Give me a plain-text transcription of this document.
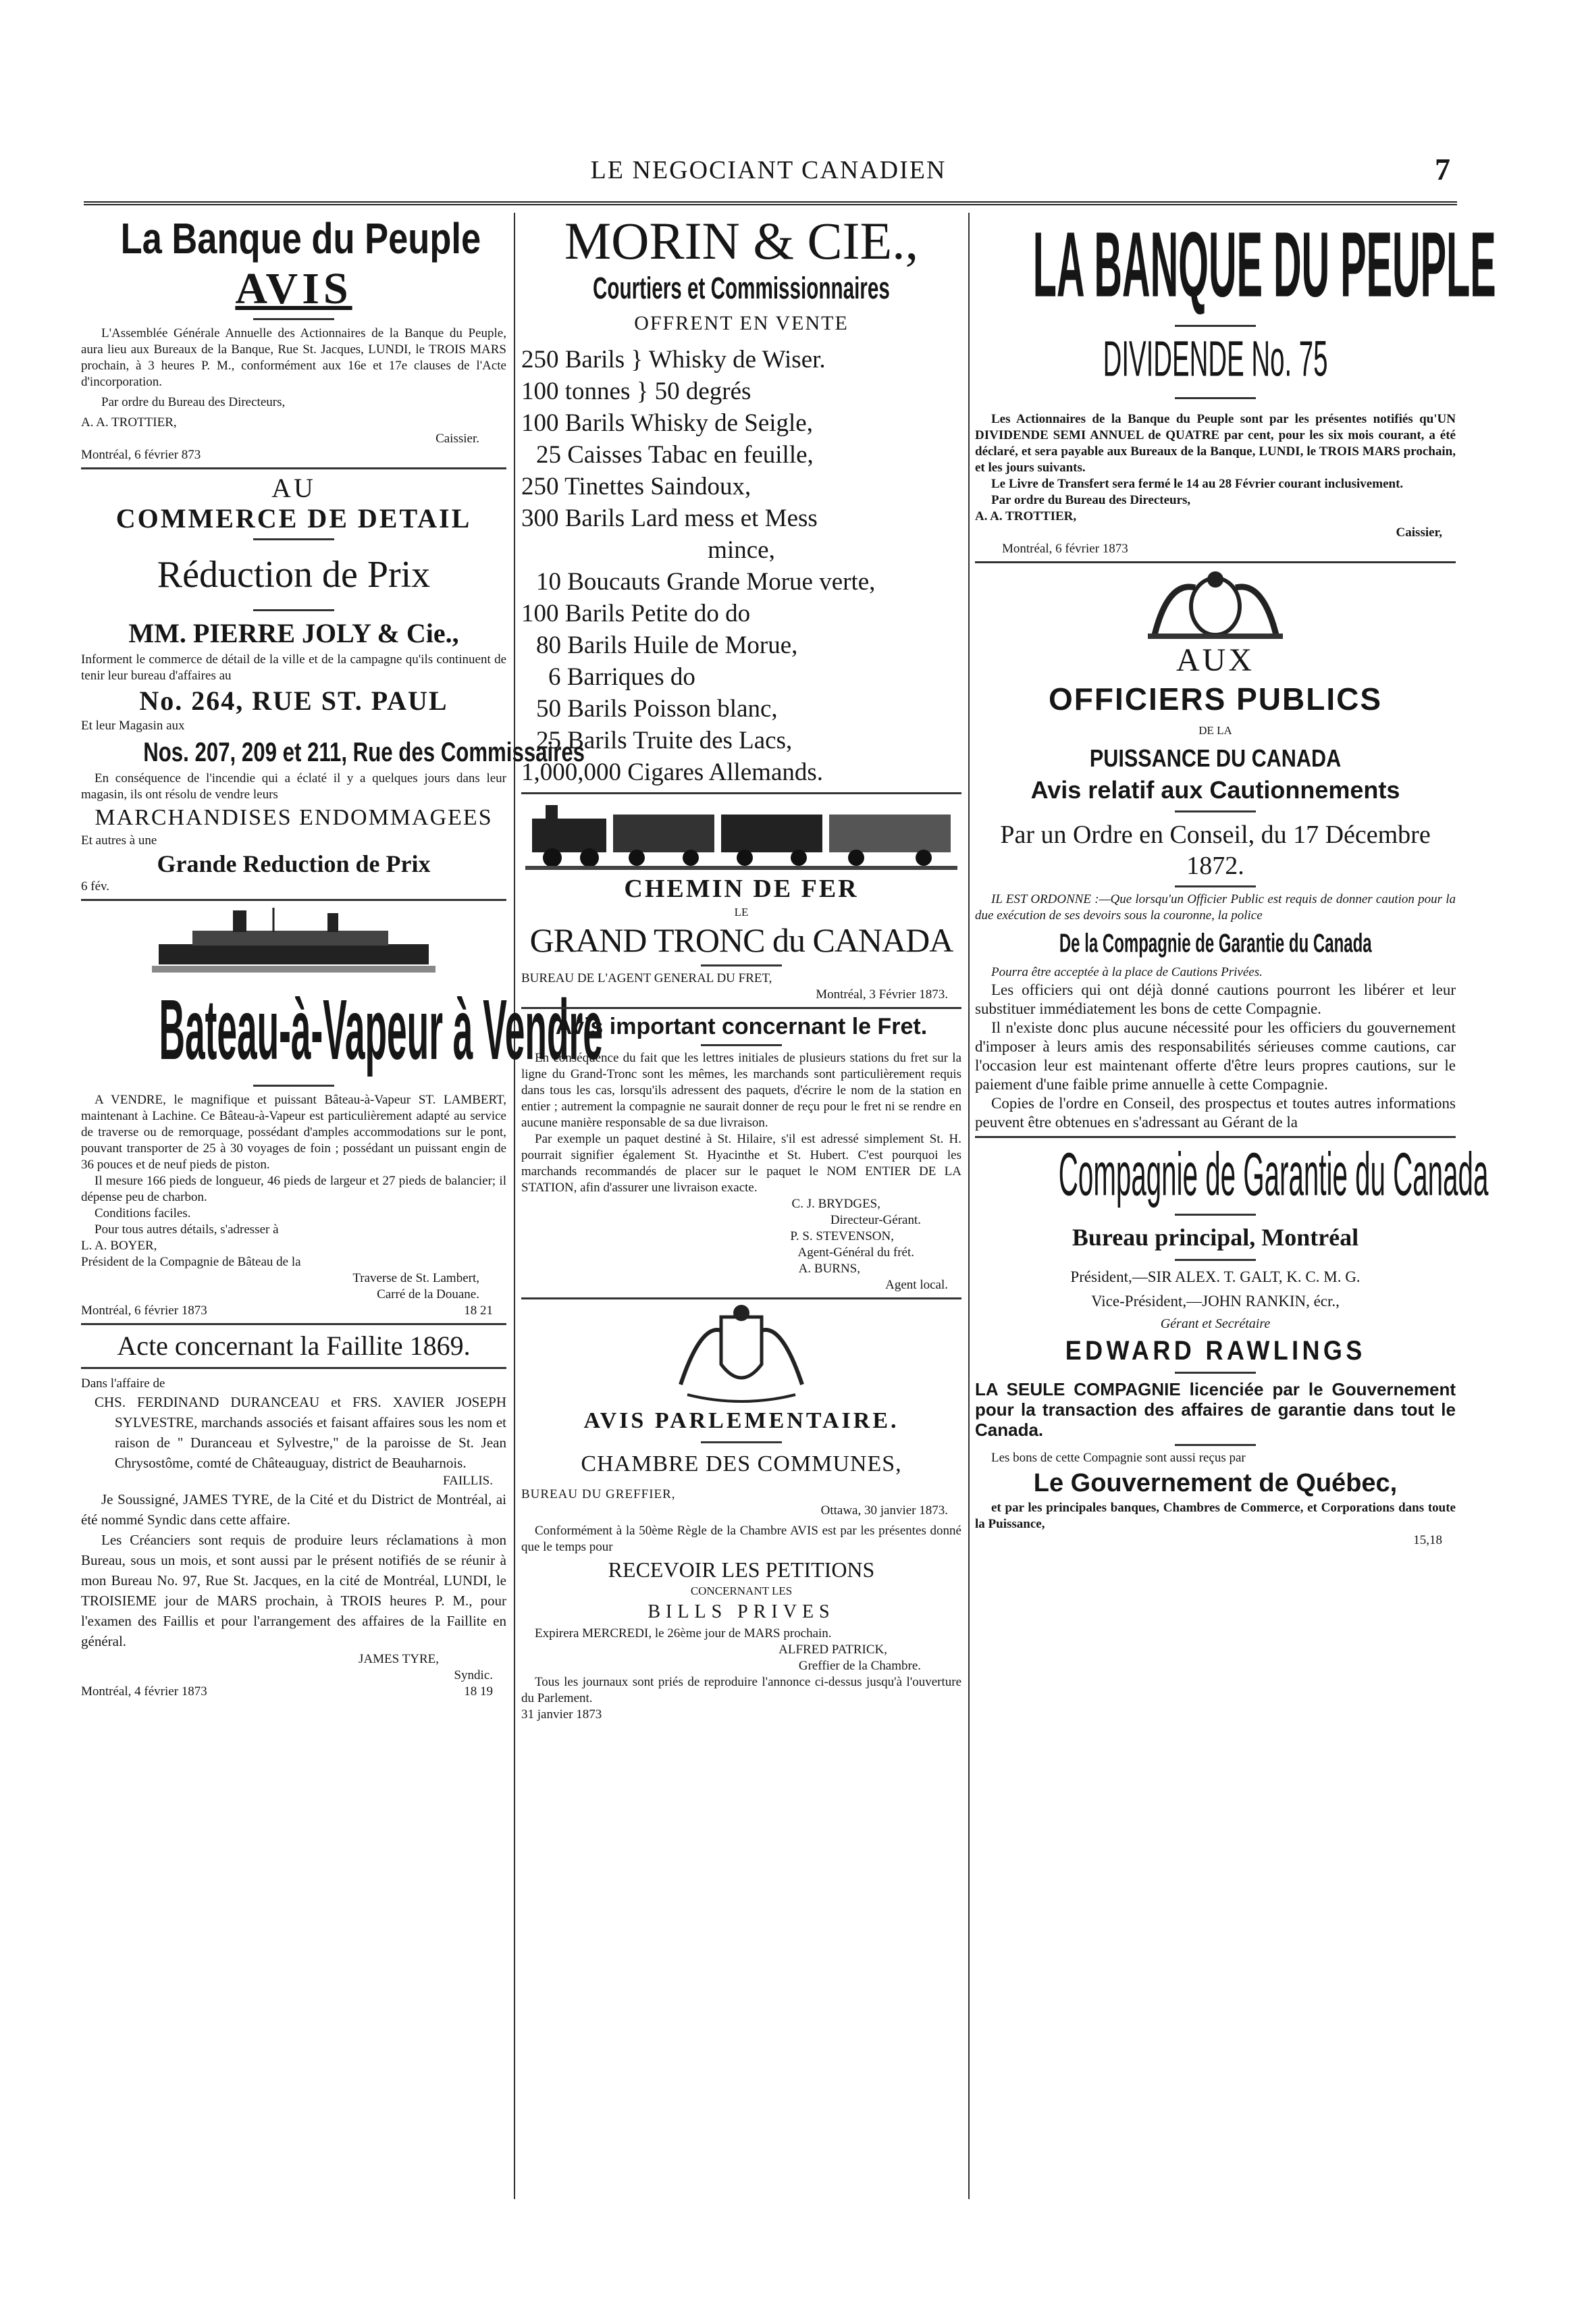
LE NEGOCIANT CANADIEN	7
La Banque du Peuple
AVIS

L'Assemblée Générale Annuelle des Actionnaires de la Banque du Peuple, aura lieu aux Bureaux de la Banque, Rue St. Jacques, LUNDI, le TROIS MARS prochain, à 3 heures P. M., conformément aux 16e et 17e clauses de l'Acte d'incorporation.

Par ordre du Bureau des Directeurs,

A. A. TROTTIER,

Caissier.

Montréal, 6 février 873

AU
COMMERCE DE DETAIL
Réduction de Prix
MM. PIERRE JOLY & Cie.,

Informent le commerce de détail de la ville et de la campagne qu'ils continuent de tenir leur bureau d'affaires au

No. 264, RUE ST. PAUL

Et leur Magasin aux

Nos. 207, 209 et 211, Rue des Commissaires

En conséquence de l'incendie qui a éclaté il y a quelques jours dans leur magasin, ils ont résolu de vendre leurs

MARCHANDISES ENDOMMAGEES

Et autres à une

Grande Reduction de Prix

6 fév.

Bateau-à-Vapeur à Vendre

A VENDRE, le magnifique et puissant Bâteau-à-Vapeur ST. LAMBERT, maintenant à Lachine. Ce Bâteau-à-Vapeur est particulièrement adapté au service de traverse ou de remorquage, possédant d'amples accommodations sur le pont, pouvant transporter de 25 à 30 voyages de foin ; possédant un puissant engin de 36 pouces et de neuf pieds de piston.

Il mesure 166 pieds de longueur, 46 pieds de largeur et 27 pieds de balancier; il dépense peu de charbon.

Conditions faciles.

Pour tous autres détails, s'adresser à

L. A. BOYER,

Président de la Compagnie de Bâteau de la

Traverse de St. Lambert,

Carré de la Douane.

Montréal, 6 février 1873	18 21
Acte concernant la Faillite 1869.

Dans l'affaire de

CHS. FERDINAND DURANCEAU et FRS. XAVIER JOSEPH SYLVESTRE, marchands associés et faisant affaires sous les nom et raison de " Duranceau et Sylvestre," de la paroisse de St. Jean Chrysostôme, comté de Châteauguay, district de Beauharnois.

FAILLIS.

Je Soussigné, JAMES TYRE, de la Cité et du District de Montréal, ai été nommé Syndic dans cette affaire.

Les Créanciers sont requis de produire leurs réclamations à mon Bureau, sous un mois, et sont aussi par le présent notifiés de se réunir à mon Bureau No. 97, Rue St. Jacques, en la cité de Montréal, LUNDI, le TROISIEME jour de MARS prochain, à TROIS heures P. M., pour l'examen des Faillis et pour l'arrangement des affaires de la Faillite en général.

JAMES TYRE,

Syndic.

Montréal, 4 février 1873	18 19
MORIN & CIE.,
Courtiers et Commissionnaires
OFFRENT EN VENTE

250 Barils } Whisky de Wiser.

100 tonnes } 50 degrés

100 Barils Whisky de Seigle,

25 Caisses Tabac en feuille,

250 Tinettes Saindoux,

300 Barils Lard mess et Mess

mince,

10 Boucauts Grande Morue verte,

100 Barils Petite do do

80 Barils Huile de Morue,

6 Barriques do

50 Barils Poisson blanc,

25 Barils Truite des Lacs,

1,000,000 Cigares Allemands.

CHEMIN DE FER
LE
GRAND TRONC du CANADA

BUREAU DE L'AGENT GENERAL DU FRET,

Montréal, 3 Février 1873.

Avis important concernant le Fret.

En conséquence du fait que les lettres initiales de plusieurs stations du fret sur la ligne du Grand-Tronc sont les mêmes, les marchands sont particulièrement requis dans tous les cas, lorsqu'ils adressent des paquets, d'écrire le nom de la station en entier ; autrement la compagnie ne saurait donner de reçu pour le fret ni se rendre en aucune manière responsable de sa due livraison.

Par exemple un paquet destiné à St. Hilaire, s'il est adressé simplement St. H. pourrait signifier également St. Hyacinthe et St. Hubert. C'est pourquoi les marchands recommandés de placer sur le paquet le NOM ENTIER DE LA STATION, afin d'assurer une livraison exacte.

C. J. BRYDGES,

Directeur-Gérant.

P. S. STEVENSON,

Agent-Général du frét.

A. BURNS,

Agent local.

AVIS PARLEMENTAIRE.
CHAMBRE DES COMMUNES,

BUREAU DU GREFFIER,

Ottawa, 30 janvier 1873.

Conformément à la 50ème Règle de la Chambre AVIS est par les présentes donné que le temps pour

RECEVOIR LES PETITIONS

CONCERNANT LES

BILLS PRIVES

Expirera MERCREDI, le 26ème jour de MARS prochain.

ALFRED PATRICK,

Greffier de la Chambre.

Tous les journaux sont priés de reproduire l'annonce ci-dessus jusqu'à l'ouverture du Parlement.

31 janvier 1873

LA BANQUE DU PEUPLE
DIVIDENDE No. 75

Les Actionnaires de la Banque du Peuple sont par les présentes notifiés qu'UN DIVIDENDE SEMI ANNUEL de QUATRE par cent, pour les six mois courant, a été déclaré, et sera payable aux Bureaux de la Banque, LUNDI, le TROIS MARS prochain, et les jours suivants.

Le Livre de Transfert sera fermé le 14 au 28 Février courant inclusivement.

Par ordre du Bureau des Directeurs,

A. A. TROTTIER,

Caissier,

Montréal, 6 février 1873

AUX
OFFICIERS PUBLICS
DE LA
PUISSANCE DU CANADA
Avis relatif aux Cautionnements
Par un Ordre en Conseil, du 17 Décembre 1872.

IL EST ORDONNE :—Que lorsqu'un Officier Public est requis de donner caution pour la due exécution de ses devoirs sous la couronne, la police

De la Compagnie de Garantie du Canada

Pourra être acceptée à la place de Cautions Privées.

Les officiers qui ont déjà donné cautions pourront les libérer et leur substituer immédiatement les bons de cette Compagnie.

Il n'existe donc plus aucune nécessité pour les officiers du gouvernement d'imposer à leurs amis des responsabilités sérieuses comme cautions, car l'occasion leur est maintenant offerte d'être leurs propres cautions, sur le paiement d'une faible prime annuelle à cette Compagnie.

Copies de l'ordre en Conseil, des prospectus et toutes autres informations peuvent être obtenues en s'adressant au Gérant de la

Compagnie de Garantie du Canada
Bureau principal, Montréal

Président,—SIR ALEX. T. GALT, K. C. M. G.

Vice-Président,—JOHN RANKIN, écr.,

Gérant et Secrétaire

EDWARD RAWLINGS

LA SEULE COMPAGNIE licenciée par le Gouvernement pour la transaction des affaires de garantie dans tout le Canada.

Les bons de cette Compagnie sont aussi reçus par

Le Gouvernement de Québec,

et par les principales banques, Chambres de Commerce, et Corporations dans toute la Puissance,

15,18
